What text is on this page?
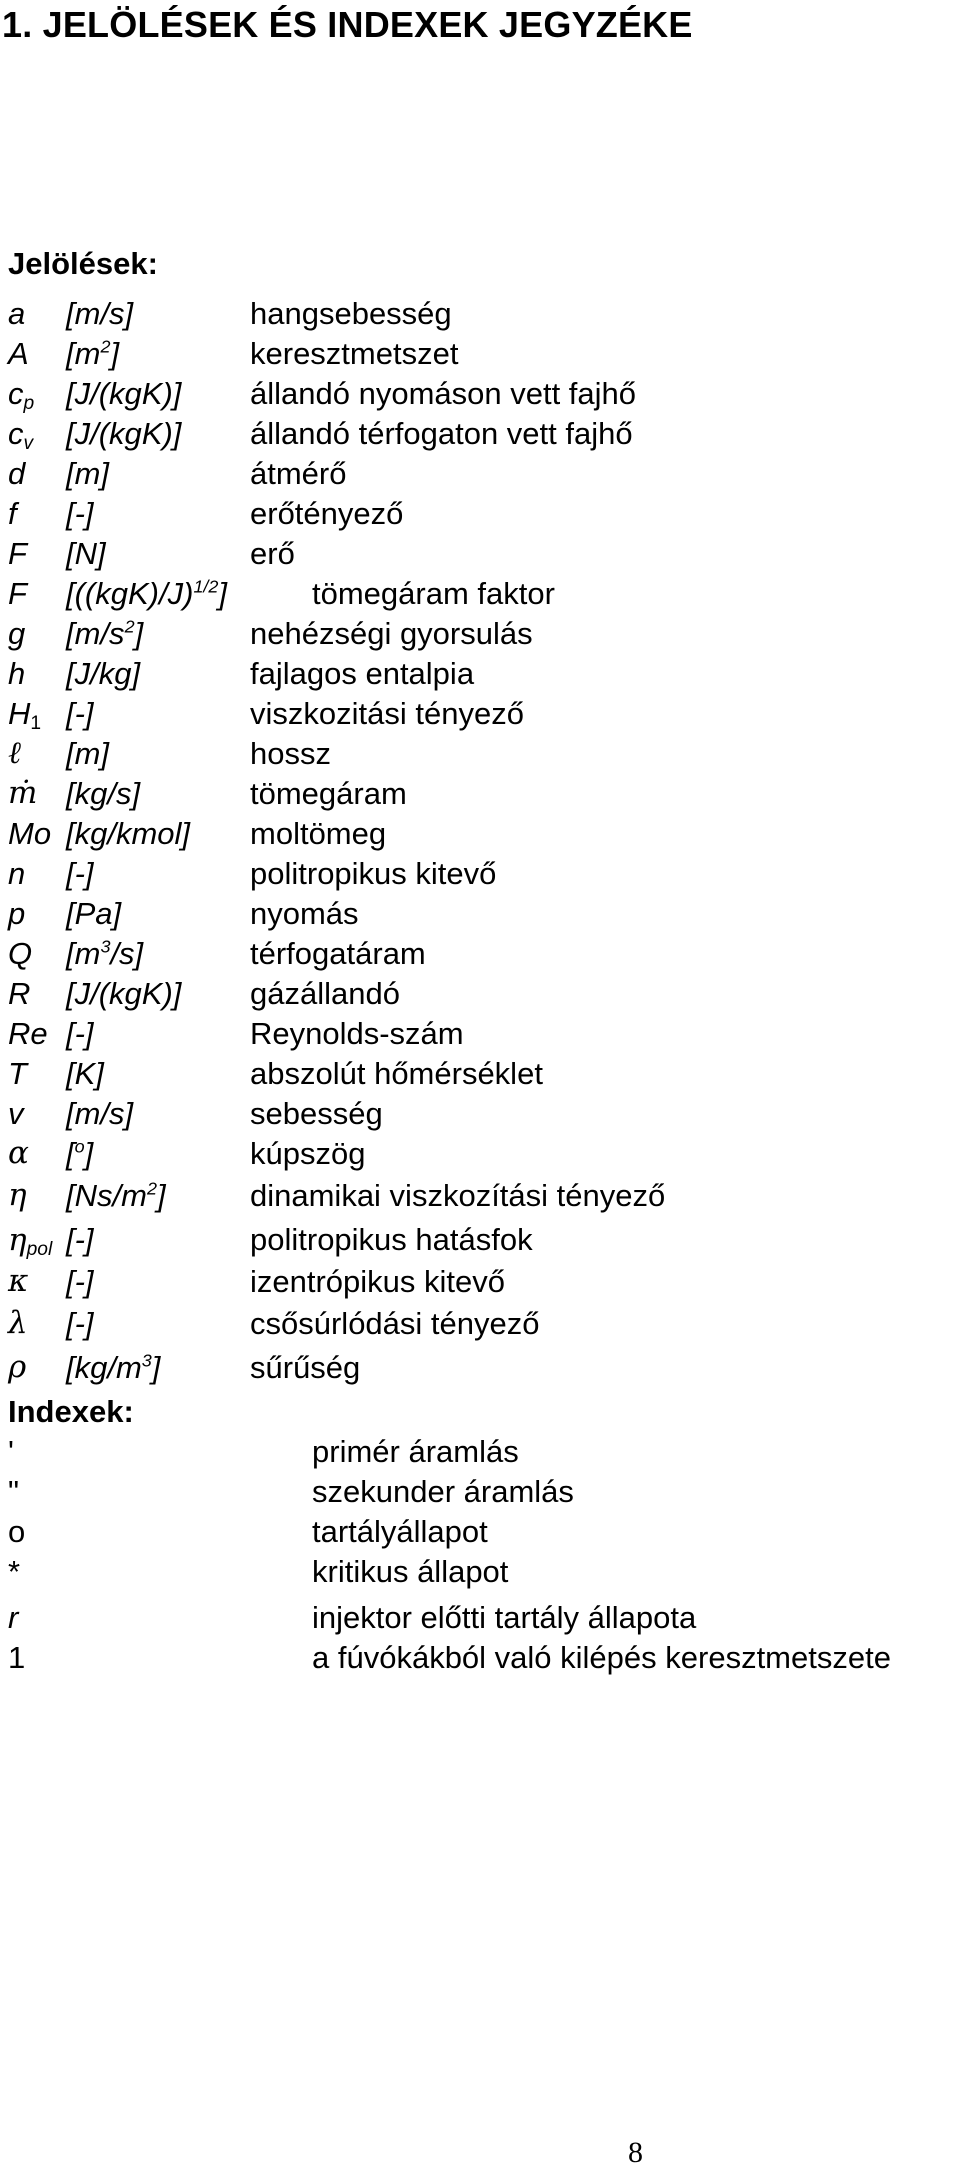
1. JELÖLÉSEK ÉS INDEXEK JEGYZÉKE
Jelölések:
a [m/s]	hangsebesség
A $[m^2]$	keresztmetszet
cp [J/(kgK)] állandó nyomáson vett fajhő
cv [J/(kgK)] állandó térfogaton vett fajhő
d [m]	átmérő
f [-]	erőtényező
F [N]	erő
F $[((kgK)/J)^{1/2}]$	tömegáram faktor
g $[m/s^2]$	nehézségi gyorsulás
h [J/kg]	fajlagos entalpia
H1 [-]	viszkozitási tényező
ℓ [m]	hossz
ṁ [kg/s]	tömegáram
Mo [kg/kmol] moltömeg
n [-]	politropikus kitevő
p [Pa]	nyomás
Q $[m^3/s]$	térfogatáram
R [J/(kgK)] gázállandó
Re [-]	Reynolds-szám
T [K]	abszolút hőmérséklet
v [m/s]	sebesség
α [$^o$]	kúpszög
η $[Ns/m^2]$	dinamikai viszkozítási tényező
ηpol [-]	politropikus hatásfok
κ [-]	izentrópikus kitevő
λ [-]	csősúrlódási tényező
ρ $[kg/m^3]$	sűrűség
Indexek:
'	primér áramlás
"	szekunder áramlás
o	tartályállapot
*	kritikus állapot
r	injektor előtti tartály állapota
1	a fúvókákból való kilépés keresztmetszete
8
